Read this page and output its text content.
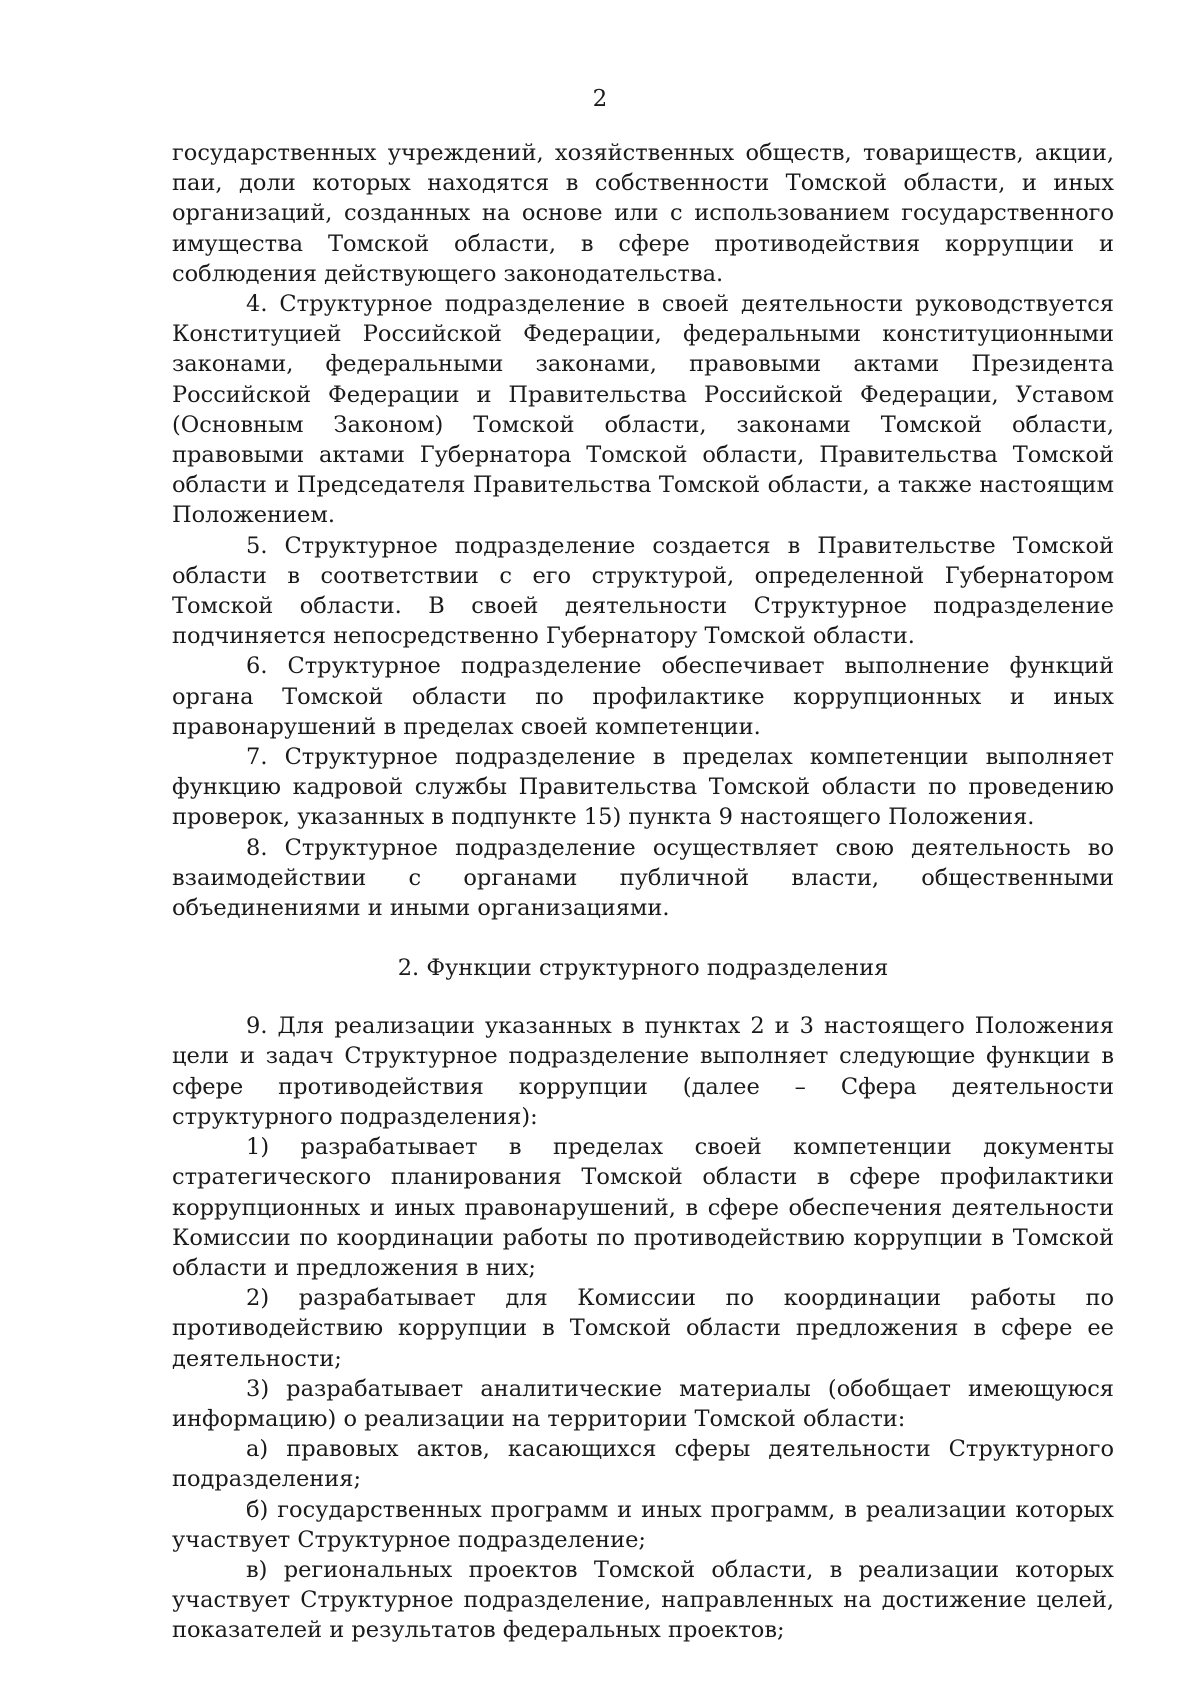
2

государственных учреждений, хозяйственных обществ, товариществ, акции, паи, доли которых находятся в собственности Томской области, и иных организаций, созданных на основе или с использованием государственного имущества Томской области, в сфере противодействия коррупции и соблюдения действующего законодательства.

4. Структурное подразделение в своей деятельности руководствуется Конституцией Российской Федерации, федеральными конституционными законами, федеральными законами, правовыми актами Президента Российской Федерации и Правительства Российской Федерации, Уставом (Основным Законом) Томской области, законами Томской области, правовыми актами Губернатора Томской области, Правительства Томской области и Председателя Правительства Томской области, а также настоящим Положением.

5. Структурное подразделение создается в Правительстве Томской области в соответствии с его структурой, определенной Губернатором Томской области. В своей деятельности Структурное подразделение подчиняется непосредственно Губернатору Томской области.

6. Структурное подразделение обеспечивает выполнение функций органа Томской области по профилактике коррупционных и иных правонарушений в пределах своей компетенции.

7. Структурное подразделение в пределах компетенции выполняет функцию кадровой службы Правительства Томской области по проведению проверок, указанных в подпункте 15) пункта 9 настоящего Положения.

8. Структурное подразделение осуществляет свою деятельность во взаимодействии с органами публичной власти, общественными объединениями и иными организациями.

2. Функции структурного подразделения

9. Для реализации указанных в пунктах 2 и 3 настоящего Положения цели и задач Структурное подразделение выполняет следующие функции в сфере противодействия коррупции (далее – Сфера деятельности структурного подразделения):

1) разрабатывает в пределах своей компетенции документы стратегического планирования Томской области в сфере профилактики коррупционных и иных правонарушений, в сфере обеспечения деятельности Комиссии по координации работы по противодействию коррупции в Томской области и предложения в них;

2) разрабатывает для Комиссии по координации работы по противодействию коррупции в Томской области предложения в сфере ее деятельности;

3) разрабатывает аналитические материалы (обобщает имеющуюся информацию) о реализации на территории Томской области:

а) правовых актов, касающихся сферы деятельности Структурного подразделения;

б) государственных программ и иных программ, в реализации которых участвует Структурное подразделение;

в) региональных проектов Томской области, в реализации которых участвует Структурное подразделение, направленных на достижение целей, показателей и результатов федеральных проектов;
